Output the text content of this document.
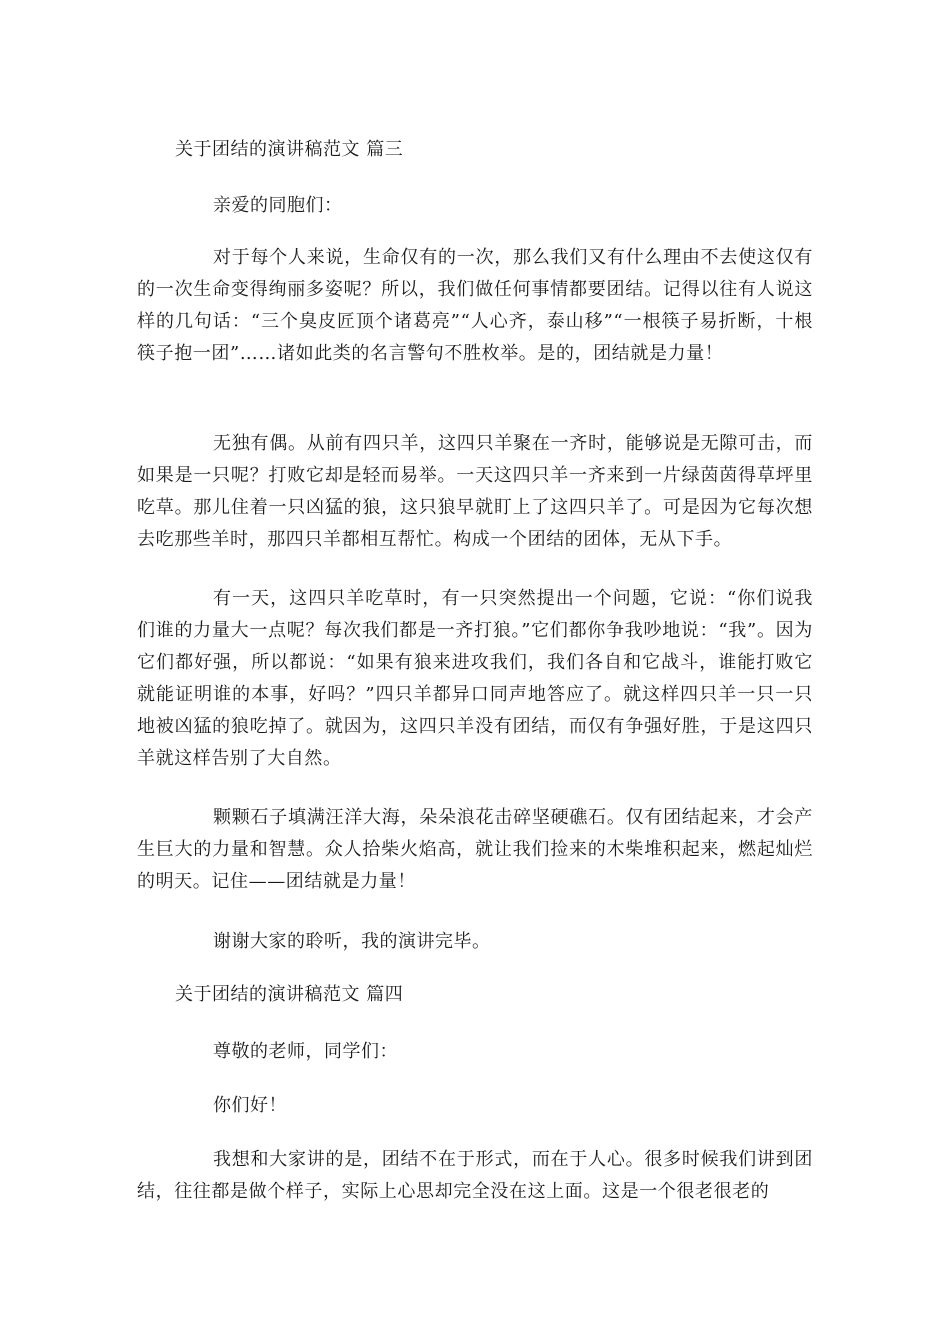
关于团结的演讲稿范文 篇三
亲爱的同胞们：

对于每个人来说，生命仅有的一次，那么我们又有什么理由不去使这仅有的一次生命变得绚丽多姿呢？所以，我们做任何事情都要团结。记得以往有人说这样的几句话：“三个臭皮匠顶个诸葛亮”“人心齐，泰山移”“一根筷子易折断，十根筷子抱一团”……诸如此类的名言警句不胜枚举。是的，团结就是力量！

无独有偶。从前有四只羊，这四只羊聚在一齐时，能够说是无隙可击，而如果是一只呢？打败它却是轻而易举。一天这四只羊一齐来到一片绿茵茵得草坪里吃草。那儿住着一只凶猛的狼，这只狼早就盯上了这四只羊了。可是因为它每次想去吃那些羊时，那四只羊都相互帮忙。构成一个团结的团体，无从下手。

有一天，这四只羊吃草时，有一只突然提出一个问题，它说：“你们说我们谁的力量大一点呢？每次我们都是一齐打狼。”它们都你争我吵地说：“我”。因为它们都好强，所以都说：“如果有狼来进攻我们，我们各自和它战斗，谁能打败它就能证明谁的本事，好吗？”四只羊都异口同声地答应了。就这样四只羊一只一只地被凶猛的狼吃掉了。就因为，这四只羊没有团结，而仅有争强好胜，于是这四只羊就这样告别了大自然。

颗颗石子填满汪洋大海，朵朵浪花击碎坚硬礁石。仅有团结起来，才会产生巨大的力量和智慧。众人拾柴火焰高，就让我们捡来的木柴堆积起来，燃起灿烂的明天。记住——团结就是力量！

谢谢大家的聆听，我的演讲完毕。
关于团结的演讲稿范文 篇四
尊敬的老师，同学们：
你们好！

我想和大家讲的是，团结不在于形式，而在于人心。很多时候我们讲到团结，往往都是做个样子，实际上心思却完全没在这上面。这是一个很老很老的
